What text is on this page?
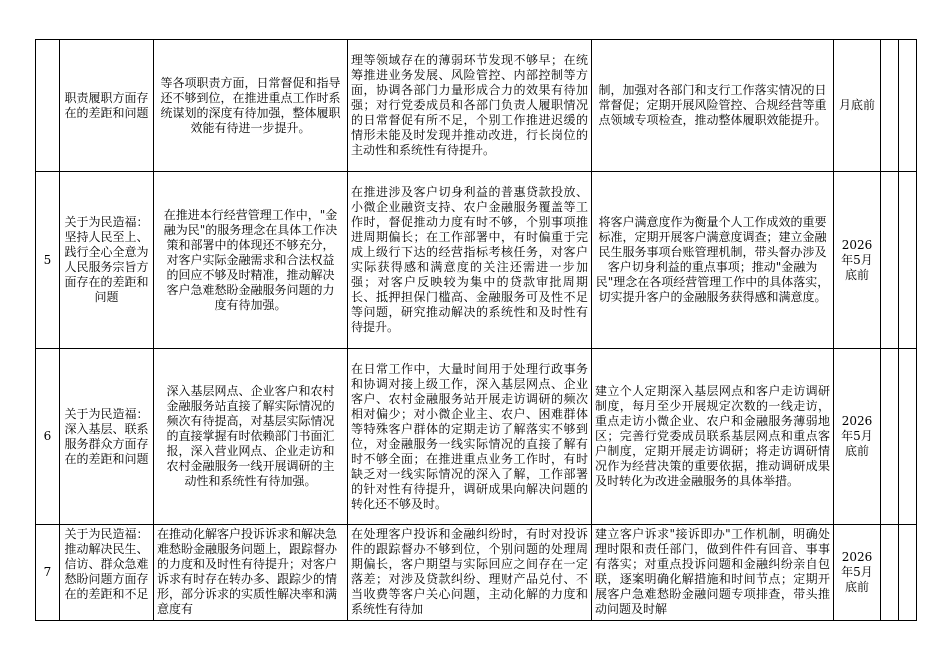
	职责履职方面存在的差距和问题	等各项职责方面，日常督促和指导还不够到位，在推进重点工作时系统谋划的深度有待加强，整体履职效能有待进一步提升。	理等领域存在的薄弱环节发现不够早；在统筹推进业务发展、风险管控、内部控制等方面，协调各部门力量形成合力的效果有待加强；对行党委成员和各部门负责人履职情况的日常督促有所不足，个别工作推进迟缓的情形未能及时发现并推动改进，行长岗位的主动性和系统性有待提升。	制，加强对各部门和支行工作落实情况的日常督促；定期开展风险管控、合规经营等重点领域专项检查，推动整体履职效能提升。	月底前		
5	关于为民造福：坚持人民至上、践行全心全意为人民服务宗旨方面存在的差距和问题	在推进本行经营管理工作中，"金融为民"的服务理念在具体工作决策和部署中的体现还不够充分，对客户实际金融需求和合法权益的回应不够及时精准，推动解决客户急难愁盼金融服务问题的力度有待加强。	在推进涉及客户切身利益的普惠贷款投放、小微企业融资支持、农户金融服务覆盖等工作时，督促推动力度有时不够，个别事项推进周期偏长；在工作部署中，有时偏重于完成上级行下达的经营指标考核任务，对客户实际获得感和满意度的关注还需进一步加强；对客户反映较为集中的贷款审批周期长、抵押担保门槛高、金融服务可及性不足等问题，研究推动解决的系统性和及时性有待提升。	将客户满意度作为衡量个人工作成效的重要标准，定期开展客户满意度调查；建立金融民生服务事项台账管理机制，带头督办涉及客户切身利益的重点事项；推动"金融为民"理念在各项经营管理工作中的具体落实，切实提升客户的金融服务获得感和满意度。	2026年5月底前		
6	关于为民造福：深入基层、联系服务群众方面存在的差距和问题	深入基层网点、企业客户和农村金融服务站直接了解实际情况的频次有待提高，对基层实际情况的直接掌握有时依赖部门书面汇报，深入营业网点、企业走访和农村金融服务一线开展调研的主动性和系统性有待加强。	在日常工作中，大量时间用于处理行政事务和协调对接上级工作，深入基层网点、企业客户、农村金融服务站开展走访调研的频次相对偏少；对小微企业主、农户、困难群体等特殊客户群体的定期走访了解落实不够到位，对金融服务一线实际情况的直接了解有时不够全面；在推进重点业务工作时，有时缺乏对一线实际情况的深入了解，工作部署的针对性有待提升，调研成果向解决问题的转化还不够及时。	建立个人定期深入基层网点和客户走访调研制度，每月至少开展规定次数的一线走访，重点走访小微企业、农户和金融服务薄弱地区；完善行党委成员联系基层网点和重点客户制度，定期开展走访调研；将走访调研情况作为经营决策的重要依据，推动调研成果及时转化为改进金融服务的具体举措。	2026年5月底前		
7	关于为民造福：推动解决民生、信访、群众急难愁盼问题方面存在的差距和不足	在推动化解客户投诉诉求和解决急难愁盼金融服务问题上，跟踪督办的力度和及时性有待提升；对客户诉求有时存在转办多、跟踪少的情形，部分诉求的实质性解决率和满意度有	在处理客户投诉和金融纠纷时，有时对投诉件的跟踪督办不够到位，个别问题的处理周期偏长，客户期望与实际回应之间存在一定落差；对涉及贷款纠纷、理财产品兑付、不当收费等客户关心问题，主动化解的力度和系统性有待加	建立客户诉求"接诉即办"工作机制，明确处理时限和责任部门，做到件件有回音、事事有落实；对重点投诉问题和金融纠纷亲自包联，逐案明确化解措施和时间节点；定期开展客户急难愁盼金融问题专项排查，带头推动问题及时解	2026年5月底前		
